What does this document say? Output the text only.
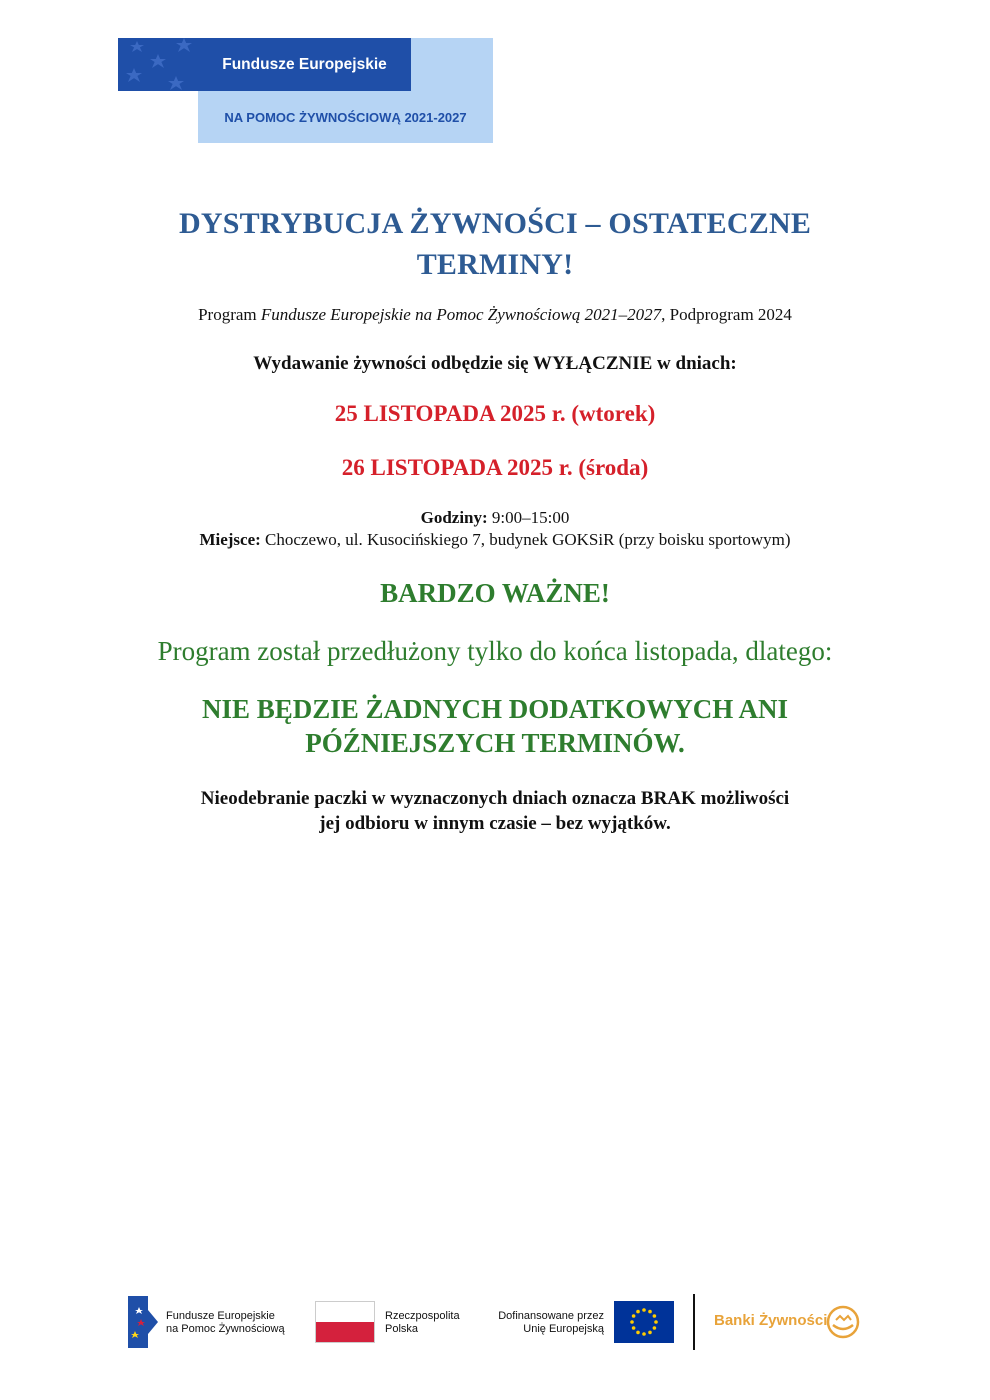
Fundusze Europejskie
NA POMOC ŻYWNOŚCIOWĄ 2021-2027
DYSTRYBUCJA ŻYWNOŚCI – OSTATECZNE
TERMINY!
Program Fundusze Europejskie na Pomoc Żywnościową 2021–2027, Podprogram 2024
Wydawanie żywności odbędzie się WYŁĄCZNIE w dniach:
25 LISTOPADA 2025 r. (wtorek)
26 LISTOPADA 2025 r. (środa)
Godziny: 9:00–15:00
Miejsce: Choczewo, ul. Kusocińskiego 7, budynek GOKSiR (przy boisku sportowym)
BARDZO WAŻNE!
Program został przedłużony tylko do końca listopada, dlatego:
NIE BĘDZIE ŻADNYCH DODATKOWYCH ANI
PÓŹNIEJSZYCH TERMINÓW.
Nieodebranie paczki w wyznaczonych dniach oznacza BRAK możliwości
jej odbioru w innym czasie – bez wyjątków.
Fundusze Europejskie
na Pomoc Żywnościową
Rzeczpospolita
Polska
Dofinansowane przez
Unię Europejską	Banki Żywności
